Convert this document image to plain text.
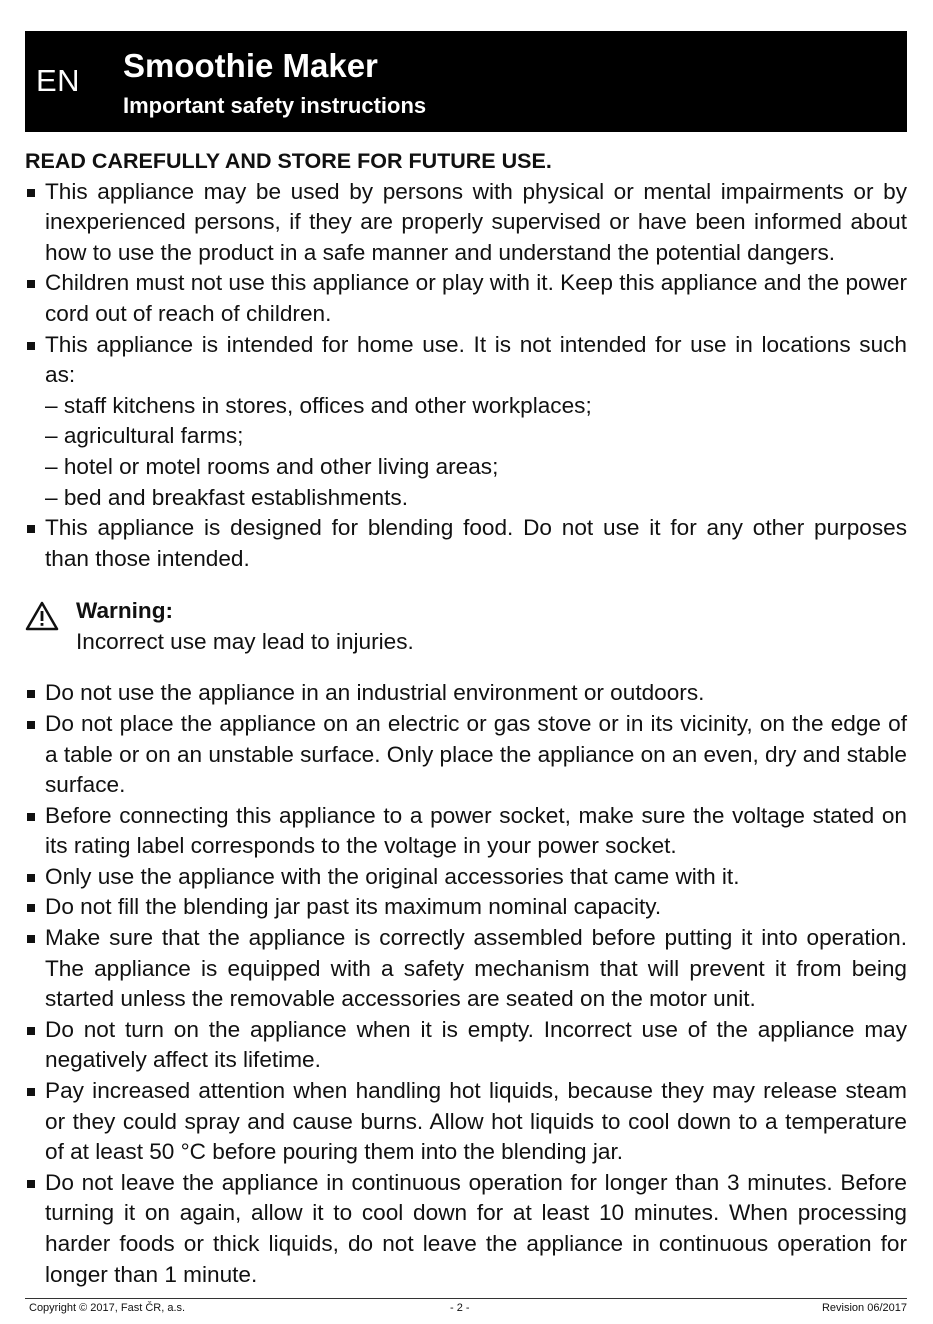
EN Smoothie Maker
Important safety instructions

READ CAREFULLY AND STORE FOR FUTURE USE.

This appliance may be used by persons with physical or mental impairments or by inexperienced persons, if they are properly supervised or have been informed about how to use the product in a safe manner and understand the potential dangers.
Children must not use this appliance or play with it. Keep this appliance and the power cord out of reach of children.
This appliance is intended for home use. It is not intended for use in locations such as:
– staff kitchens in stores, offices and other workplaces;
– agricultural farms;
– hotel or motel rooms and other living areas;
– bed and breakfast establishments.
This appliance is designed for blending food. Do not use it for any other purposes than those intended.
Warning:
Incorrect use may lead to injuries.
Do not use the appliance in an industrial environment or outdoors.
Do not place the appliance on an electric or gas stove or in its vicinity, on the edge of a table or on an unstable surface. Only place the appliance on an even, dry and stable surface.
Before connecting this appliance to a power socket, make sure the voltage stated on its rating label corresponds to the voltage in your power socket.
Only use the appliance with the original accessories that came with it.
Do not fill the blending jar past its maximum nominal capacity.
Make sure that the appliance is correctly assembled before putting it into operation. The appliance is equipped with a safety mechanism that will prevent it from being started unless the removable accessories are seated on the motor unit.
Do not turn on the appliance when it is empty. Incorrect use of the appliance may negatively affect its lifetime.
Pay increased attention when handling hot liquids, because they may release steam or they could spray and cause burns. Allow hot liquids to cool down to a temperature of at least 50 °C before pouring them into the blending jar.
Do not leave the appliance in continuous operation for longer than 3 minutes. Before turning it on again, allow it to cool down for at least 10 minutes. When processing harder foods or thick liquids, do not leave the appliance in continuous operation for longer than 1 minute.
Copyright © 2017, Fast ČR, a.s.	- 2 -	Revision 06/2017
